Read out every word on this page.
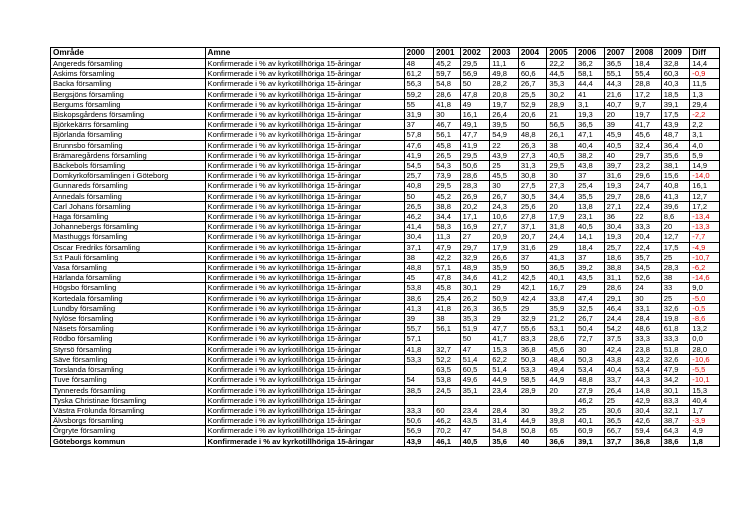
Område	Amne	2000	2001	2002	2003	2004	2005	2006	2007	2008	2009	Diff
Angereds församling	Konfirmerade i % av kyrkotillhöriga 15-åringar	48	45,2	29,5	11,1	6	22,2	36,2	36,5	18,4	32,8	14,4
Askims församling	Konfirmerade i % av kyrkotillhöriga 15-åringar	61,2	59,7	56,9	49,8	60,6	44,5	58,1	55,1	55,4	60,3	-0,9
Backa församling	Konfirmerade i % av kyrkotillhöriga 15-åringar	56,3	54,8	50	28,2	26,7	35,3	44,4	44,3	28,8	40,3	11,5
Bergsjöns församling	Konfirmerade i % av kyrkotillhöriga 15-åringar	59,2	28,6	47,8	20,8	25,5	30,2	41	21,6	17,2	18,5	1,3
Bergums församling	Konfirmerade i % av kyrkotillhöriga 15-åringar	55	41,8	49	19,7	52,9	28,9	3,1	40,7	9,7	39,1	29,4
Biskopsgårdens församling	Konfirmerade i % av kyrkotillhöriga 15-åringar	31,9	30	16,1	26,4	20,6	21	19,3	20	19,7	17,5	-2,2
Björkekärrs församling	Konfirmerade i % av kyrkotillhöriga 15-åringar	37	46,7	49,1	39,5	50	56,5	36,5	39	41,7	43,9	2,2
Björlanda församling	Konfirmerade i % av kyrkotillhöriga 15-åringar	57,8	56,1	47,7	54,9	48,8	26,1	47,1	45,9	45,6	48,7	3,1
Brunnsbo församling	Konfirmerade i % av kyrkotillhöriga 15-åringar	47,6	45,8	41,9	22	26,3	38	40,4	40,5	32,4	36,4	4,0
Brämaregårdens församling	Konfirmerade i % av kyrkotillhöriga 15-åringar	41,9	26,5	29,5	43,9	27,3	40,5	38,2	40	29,7	35,6	5,9
Bäckebols församling	Konfirmerade i % av kyrkotillhöriga 15-åringar	54,5	54,3	50,6	25	31,3	29,5	43,8	39,7	23,2	38,1	14,9
Domkyrkoförsamlingen i Göteborg	Konfirmerade i % av kyrkotillhöriga 15-åringar	25,7	73,9	28,6	45,5	30,8	30	37	31,6	29,6	15,6	-14,0
Gunnareds församling	Konfirmerade i % av kyrkotillhöriga 15-åringar	40,8	29,5	28,3	30	27,5	27,3	25,4	19,3	24,7	40,8	16,1
Annedals församling	Konfirmerade i % av kyrkotillhöriga 15-åringar	50	45,2	26,9	26,7	30,5	34,4	35,5	29,7	28,6	41,3	12,7
Carl Johans församling	Konfirmerade i % av kyrkotillhöriga 15-åringar	26,5	38,8	20,2	24,3	25,6	20	13,8	27,1	22,4	39,6	17,2
Haga församling	Konfirmerade i % av kyrkotillhöriga 15-åringar	46,2	34,4	17,1	10,6	27,8	17,9	23,1	36	22	8,6	-13,4
Johannebergs församling	Konfirmerade i % av kyrkotillhöriga 15-åringar	41,4	58,3	16,9	27,7	37,1	31,8	40,5	30,4	33,3	20	-13,3
Masthuggs församling	Konfirmerade i % av kyrkotillhöriga 15-åringar	30,4	11,3	27	20,9	20,7	24,4	14,1	19,3	20,4	12,7	-7,7
Oscar Fredriks församling	Konfirmerade i % av kyrkotillhöriga 15-åringar	37,1	47,9	29,7	17,9	31,6	29	18,4	25,7	22,4	17,5	-4,9
S:t Pauli församling	Konfirmerade i % av kyrkotillhöriga 15-åringar	38	42,2	32,9	26,6	37	41,3	37	18,6	35,7	25	-10,7
Vasa församling	Konfirmerade i % av kyrkotillhöriga 15-åringar	48,8	57,1	48,9	35,9	50	36,5	39,2	38,8	34,5	28,3	-6,2
Härlanda församling	Konfirmerade i % av kyrkotillhöriga 15-åringar	45	47,8	34,6	41,2	42,5	40,1	43,5	31,1	52,6	38	-14,6
Högsbo församling	Konfirmerade i % av kyrkotillhöriga 15-åringar	53,8	45,8	30,1	29	42,1	16,7	29	28,6	24	33	9,0
Kortedala församling	Konfirmerade i % av kyrkotillhöriga 15-åringar	38,6	25,4	26,2	50,9	42,4	33,8	47,4	29,1	30	25	-5,0
Lundby församling	Konfirmerade i % av kyrkotillhöriga 15-åringar	41,3	41,8	26,3	36,5	29	35,9	32,5	46,4	33,1	32,6	-0,5
Nylöse församling	Konfirmerade i % av kyrkotillhöriga 15-åringar	39	38	35,3	29	32,9	21,2	26,7	24,4	28,4	19,8	-8,6
Näsets församling	Konfirmerade i % av kyrkotillhöriga 15-åringar	55,7	56,1	51,9	47,7	55,6	53,1	50,4	54,2	48,6	61,8	13,2
Rödbo församling	Konfirmerade i % av kyrkotillhöriga 15-åringar	57,1		50	41,7	83,3	28,6	72,7	37,5	33,3	33,3	0,0
Styrsö församling	Konfirmerade i % av kyrkotillhöriga 15-åringar	41,8	32,7	47	15,3	36,8	45,6	30	42,4	23,8	51,8	28,0
Säve församling	Konfirmerade i % av kyrkotillhöriga 15-åringar	53,3	52,2	51,4	62,2	50,3	48,4	50,3	43,8	43,2	32,6	-10,6
Torslanda församling	Konfirmerade i % av kyrkotillhöriga 15-åringar		63,5	60,5	51,4	53,3	49,4	53,4	40,4	53,4	47,9	-5,5
Tuve församling	Konfirmerade i % av kyrkotillhöriga 15-åringar	54	53,8	49,6	44,9	58,5	44,9	48,8	33,7	44,3	34,2	-10,1
Tynnereds församling	Konfirmerade i % av kyrkotillhöriga 15-åringar	38,5	24,5	35,1	23,4	28,9	20	27,9	26,4	14,8	30,1	15,3
Tyska Christinae församling	Konfirmerade i % av kyrkotillhöriga 15-åringar							46,2	25	42,9	83,3	40,4
Västra Frölunda församling	Konfirmerade i % av kyrkotillhöriga 15-åringar	33,3	60	23,4	28,4	30	39,2	25	30,6	30,4	32,1	1,7
Älvsborgs församling	Konfirmerade i % av kyrkotillhöriga 15-åringar	50,6	46,2	43,5	31,4	44,9	39,8	40,1	36,5	42,6	38,7	-3,9
Örgryte församling	Konfirmerade i % av kyrkotillhöriga 15-åringar	56,9	70,2	47	54,8	50,8	65	60,9	66,7	59,4	64,3	4,9
Göteborgs kommun	Konfirmerade i % av kyrkotillhöriga 15-åringar	43,9	46,1	40,5	35,6	40	36,6	39,1	37,7	36,8	38,6	1,8
